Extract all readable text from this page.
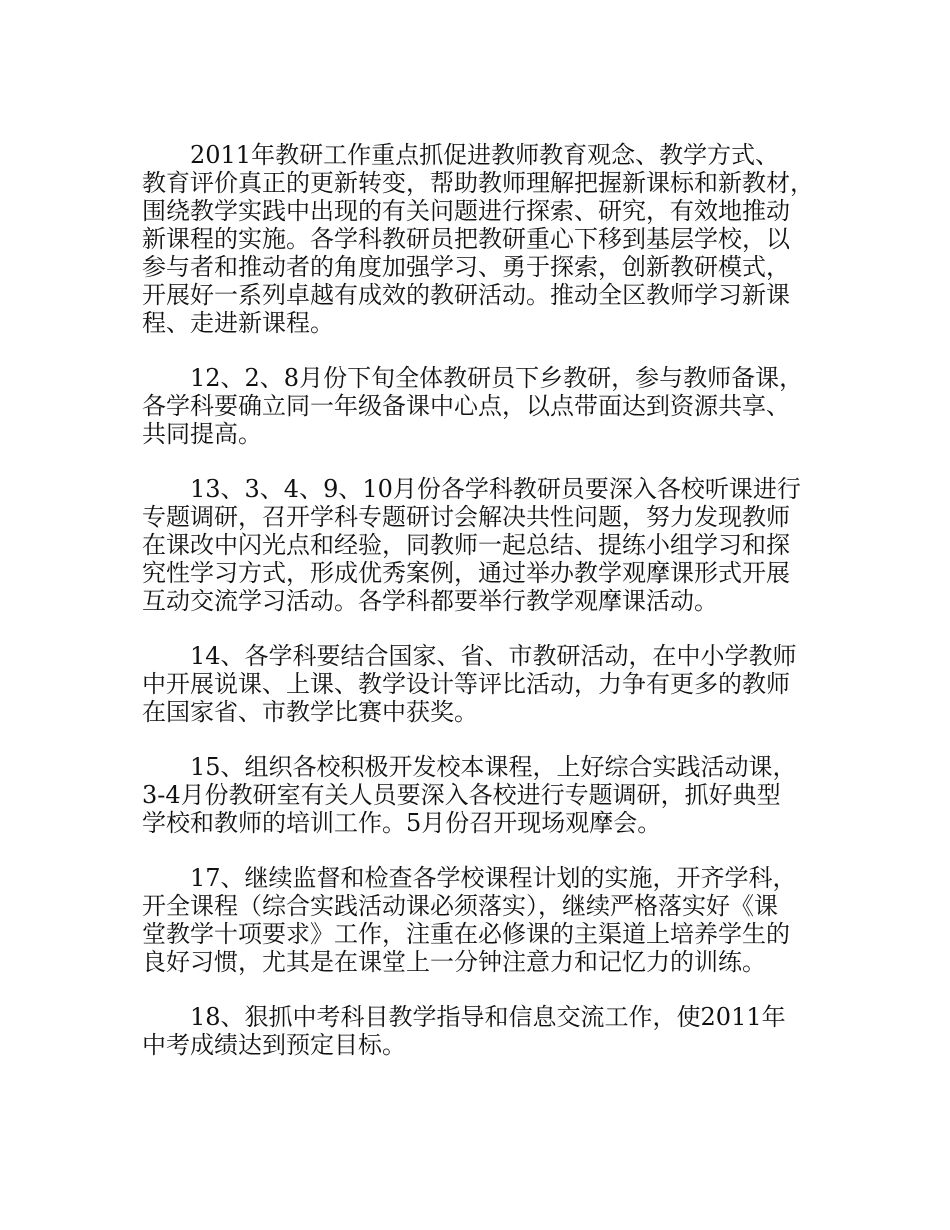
2011年教研工作重点抓促进教师教育观念、教学方式、
教育评价真正的更新转变，帮助教师理解把握新课标和新教材，
围绕教学实践中出现的有关问题进行探索、研究，有效地推动
新课程的实施。各学科教研员把教研重心下移到基层学校，以
参与者和推动者的角度加强学习、勇于探索，创新教研模式，
开展好一系列卓越有成效的教研活动。推动全区教师学习新课
程、走进新课程。

12、2、8月份下旬全体教研员下乡教研，参与教师备课，
各学科要确立同一年级备课中心点，以点带面达到资源共享、
共同提高。

13、3、4、9、10月份各学科教研员要深入各校听课进行
专题调研，召开学科专题研讨会解决共性问题，努力发现教师
在课改中闪光点和经验，同教师一起总结、提练小组学习和探
究性学习方式，形成优秀案例，通过举办教学观摩课形式开展
互动交流学习活动。各学科都要举行教学观摩课活动。

14、各学科要结合国家、省、市教研活动，在中小学教师
中开展说课、上课、教学设计等评比活动，力争有更多的教师
在国家省、市教学比赛中获奖。

15、组织各校积极开发校本课程，上好综合实践活动课，
3-4月份教研室有关人员要深入各校进行专题调研，抓好典型
学校和教师的培训工作。5月份召开现场观摩会。

17、继续监督和检查各学校课程计划的实施，开齐学科，
开全课程（综合实践活动课必须落实），继续严格落实好《课
堂教学十项要求》工作，注重在必修课的主渠道上培养学生的
良好习惯，尤其是在课堂上一分钟注意力和记忆力的训练。

18、狠抓中考科目教学指导和信息交流工作，使2011年
中考成绩达到预定目标。
